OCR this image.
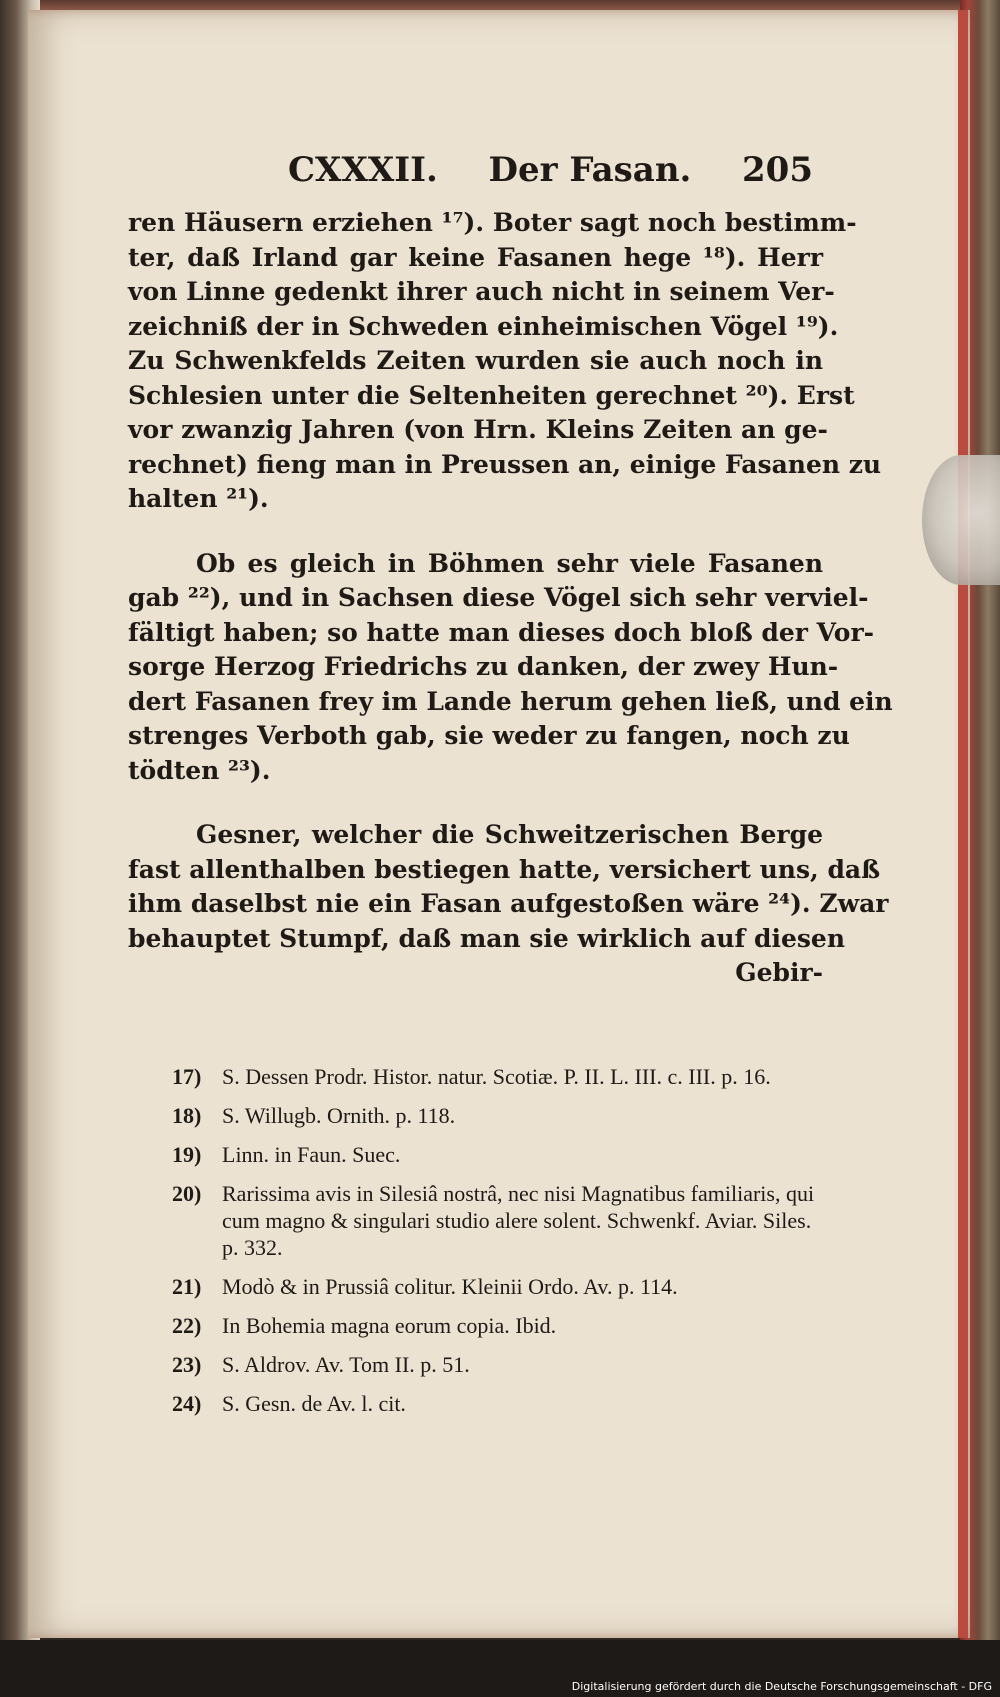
CXXXII. Der Fasan. 205

ren Häusern erziehen ¹⁷). Boter sagt noch bestimm-
ter, daß Irland gar keine Fasanen hege ¹⁸). Herr
von Linne gedenkt ihrer auch nicht in seinem Ver-
zeichniß der in Schweden einheimischen Vögel ¹⁹).
Zu Schwenkfelds Zeiten wurden sie auch noch in
Schlesien unter die Seltenheiten gerechnet ²⁰). Erst
vor zwanzig Jahren (von Hrn. Kleins Zeiten an ge-
rechnet) fieng man in Preussen an, einige Fasanen zu
halten ²¹).

Ob es gleich in Böhmen sehr viele Fasanen
gab ²²), und in Sachsen diese Vögel sich sehr verviel-
fältigt haben; so hatte man dieses doch bloß der Vor-
sorge Herzog Friedrichs zu danken, der zwey Hun-
dert Fasanen frey im Lande herum gehen ließ, und ein
strenges Verboth gab, sie weder zu fangen, noch zu
tödten ²³).

Gesner, welcher die Schweitzerischen Berge
fast allenthalben bestiegen hatte, versichert uns, daß
ihm daselbst nie ein Fasan aufgestoßen wäre ²⁴). Zwar
behauptet Stumpf, daß man sie wirklich auf diesen
Gebir-

17) S. Dessen Prodr. Histor. natur. Scotiæ. P. II. L. III. c. III. p. 16.
18) S. Willugb. Ornith. p. 118.
19) Linn. in Faun. Suec.
20) Rarissima avis in Silesiâ nostrâ, nec nisi Magnatibus familiaris, qui cum magno & singulari studio alere solent. Schwenkf. Aviar. Siles. p. 332.
21) Modò & in Prussiâ colitur. Kleinii Ordo. Av. p. 114.
22) In Bohemia magna eorum copia. Ibid.
23) S. Aldrov. Av. Tom II. p. 51.
24) S. Gesn. de Av. l. cit.
Digitalisierung gefördert durch die Deutsche Forschungsgemeinschaft - DFG
